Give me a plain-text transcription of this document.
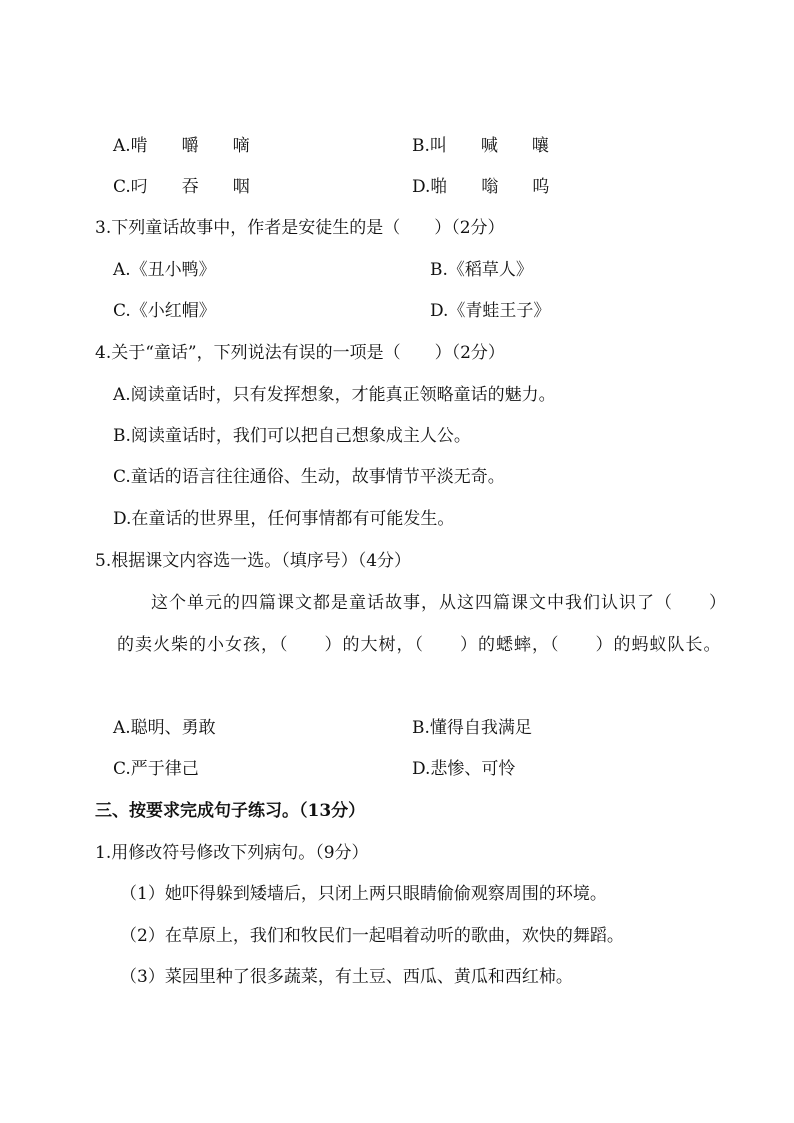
A.啃　　嚼　　嘀	B.叫　　喊　　嚷
C.叼　　吞　　咽	D.啪　　嗡　　呜
3.下列童话故事中，作者是安徒生的是（　　）（2分）
A.《丑小鸭》	B.《稻草人》
C.《小红帽》	D.《青蛙王子》
4.关于“童话”，下列说法有误的一项是（　　）（2分）
A.阅读童话时，只有发挥想象，才能真正领略童话的魅力。
B.阅读童话时，我们可以把自己想象成主人公。
C.童话的语言往往通俗、生动，故事情节平淡无奇。
D.在童话的世界里，任何事情都有可能发生。
5.根据课文内容选一选。（填序号）（4分）
这个单元的四篇课文都是童话故事，从这四篇课文中我们认识了（　　）的卖火柴的小女孩，（　　）的大树，（　　）的蟋蟀，（　　）的蚂蚁队长。
A.聪明、勇敢	B.懂得自我满足
C.严于律己	D.悲惨、可怜
三、按要求完成句子练习。（13分）
1.用修改符号修改下列病句。（9分）
（1）她吓得躲到矮墙后，只闭上两只眼睛偷偷观察周围的环境。
（2）在草原上，我们和牧民们一起唱着动听的歌曲，欢快的舞蹈。
（3）菜园里种了很多蔬菜，有土豆、西瓜、黄瓜和西红柿。
